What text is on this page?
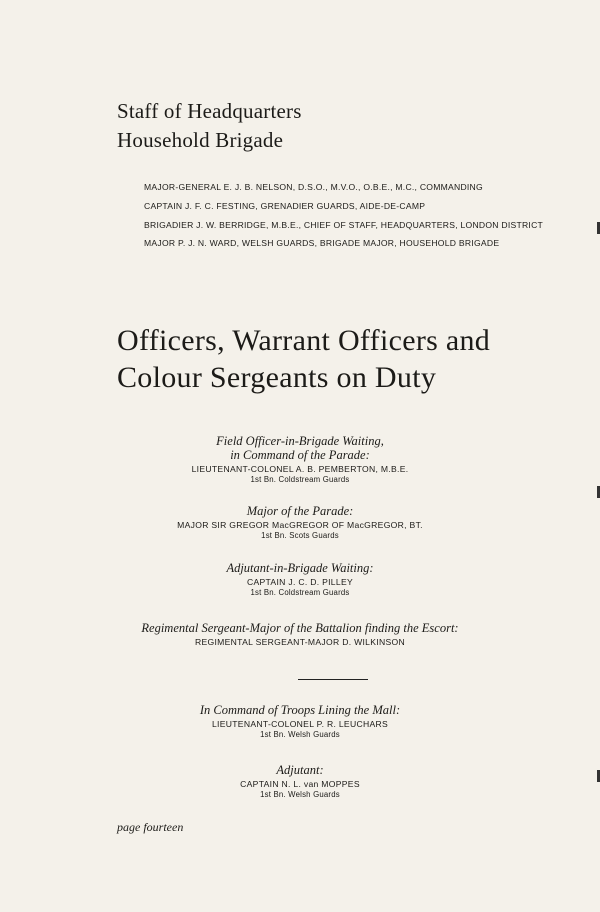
Staff of Headquarters
Household Brigade
MAJOR-GENERAL E. J. B. NELSON, D.S.O., M.V.O., O.B.E., M.C., COMMANDING
CAPTAIN J. F. C. FESTING, GRENADIER GUARDS, AIDE-DE-CAMP
BRIGADIER J. W. BERRIDGE, M.B.E., CHIEF OF STAFF, HEADQUARTERS, LONDON DISTRICT
MAJOR P. J. N. WARD, WELSH GUARDS, BRIGADE MAJOR, HOUSEHOLD BRIGADE
Officers, Warrant Officers and
Colour Sergeants on Duty
Field Officer-in-Brigade Waiting,
in Command of the Parade:
LIEUTENANT-COLONEL A. B. PEMBERTON, M.B.E.
1st Bn. Coldstream Guards
Major of the Parade:
MAJOR SIR GREGOR MacGREGOR OF MacGREGOR, BT.
1st Bn. Scots Guards
Adjutant-in-Brigade Waiting:
CAPTAIN J. C. D. PILLEY
1st Bn. Coldstream Guards
Regimental Sergeant-Major of the Battalion finding the Escort:
REGIMENTAL SERGEANT-MAJOR D. WILKINSON
In Command of Troops Lining the Mall:
LIEUTENANT-COLONEL P. R. LEUCHARS
1st Bn. Welsh Guards
Adjutant:
CAPTAIN N. L. van MOPPES
1st Bn. Welsh Guards
page fourteen
